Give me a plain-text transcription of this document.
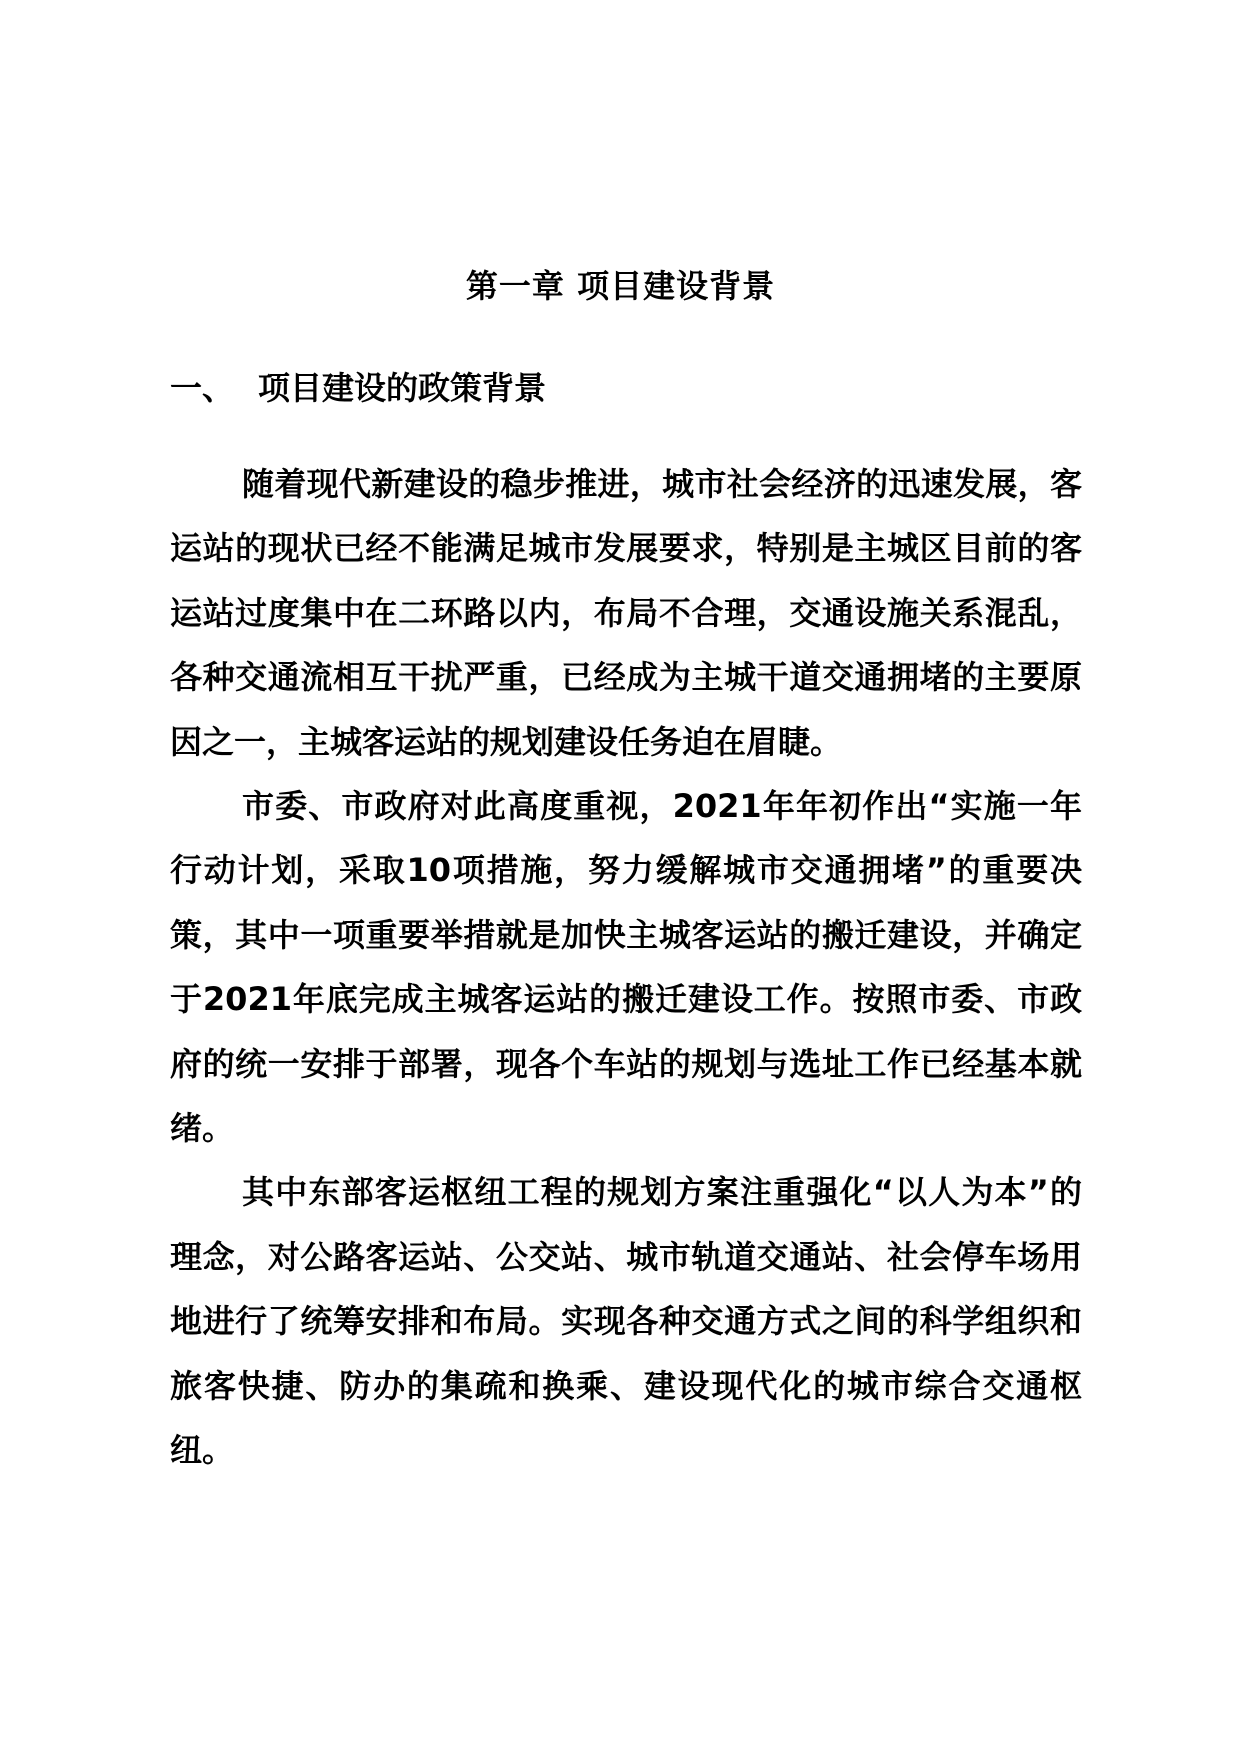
第一章 项目建设背景
一、 项目建设的政策背景

随着现代新建设的稳步推进，城市社会经济的迅速发展，客运站的现状已经不能满足城市发展要求，特别是主城区目前的客运站过度集中在二环路以内，布局不合理，交通设施关系混乱，各种交通流相互干扰严重，已经成为主城干道交通拥堵的主要原因之一，主城客运站的规划建设任务迫在眉睫。

市委、市政府对此高度重视，2021年年初作出“实施一年行动计划，采取10项措施，努力缓解城市交通拥堵”的重要决策，其中一项重要举措就是加快主城客运站的搬迁建设，并确定于2021年底完成主城客运站的搬迁建设工作。按照市委、市政府的统一安排于部署，现各个车站的规划与选址工作已经基本就绪。

其中东部客运枢纽工程的规划方案注重强化“以人为本”的理念，对公路客运站、公交站、城市轨道交通站、社会停车场用地进行了统筹安排和布局。实现各种交通方式之间的科学组织和旅客快捷、防办的集疏和换乘、建设现代化的城市综合交通枢纽。
